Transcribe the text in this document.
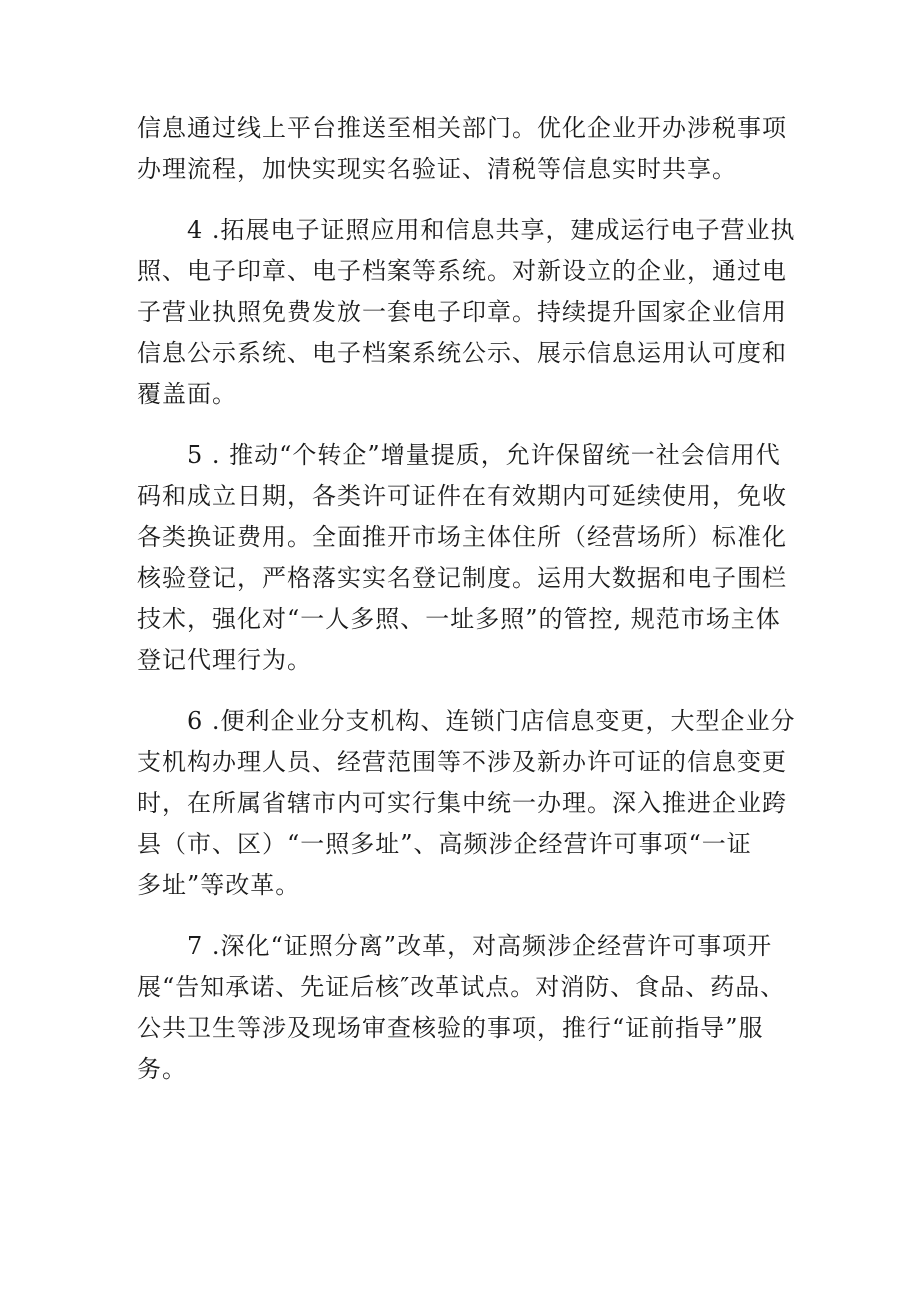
信息通过线上平台推送至相关部门。优化企业开办涉税事项
办理流程，加快实现实名验证、清税等信息实时共享。
4 .拓展电子证照应用和信息共享，建成运行电子营业执
照、电子印章、电子档案等系统。对新设立的企业，通过电
子营业执照免费发放一套电子印章。持续提升国家企业信用
信息公示系统、电子档案系统公示、展示信息运用认可度和
覆盖面。
5 . 推动“个转企”增量提质，允许保留统一社会信用代
码和成立日期，各类许可证件在有效期内可延续使用，免收
各类换证费用。全面推开市场主体住所（经营场所）标准化
核验登记，严格落实实名登记制度。运用大数据和电子围栏
技术，强化对“一人多照、一址多照”的管控, 规范市场主体
登记代理行为。
6 .便利企业分支机构、连锁门店信息变更，大型企业分
支机构办理人员、经营范围等不涉及新办许可证的信息变更
时，在所属省辖市内可实行集中统一办理。深入推进企业跨
县（市、区）“一照多址”、高频涉企经营许可事项“一证
多址”等改革。
7 .深化“证照分离”改革，对高频涉企经营许可事项开
展“告知承诺、先证后核″改革试点。对消防、食品、药品、
公共卫生等涉及现场审查核验的事项，推行“证前指导”服
务。
